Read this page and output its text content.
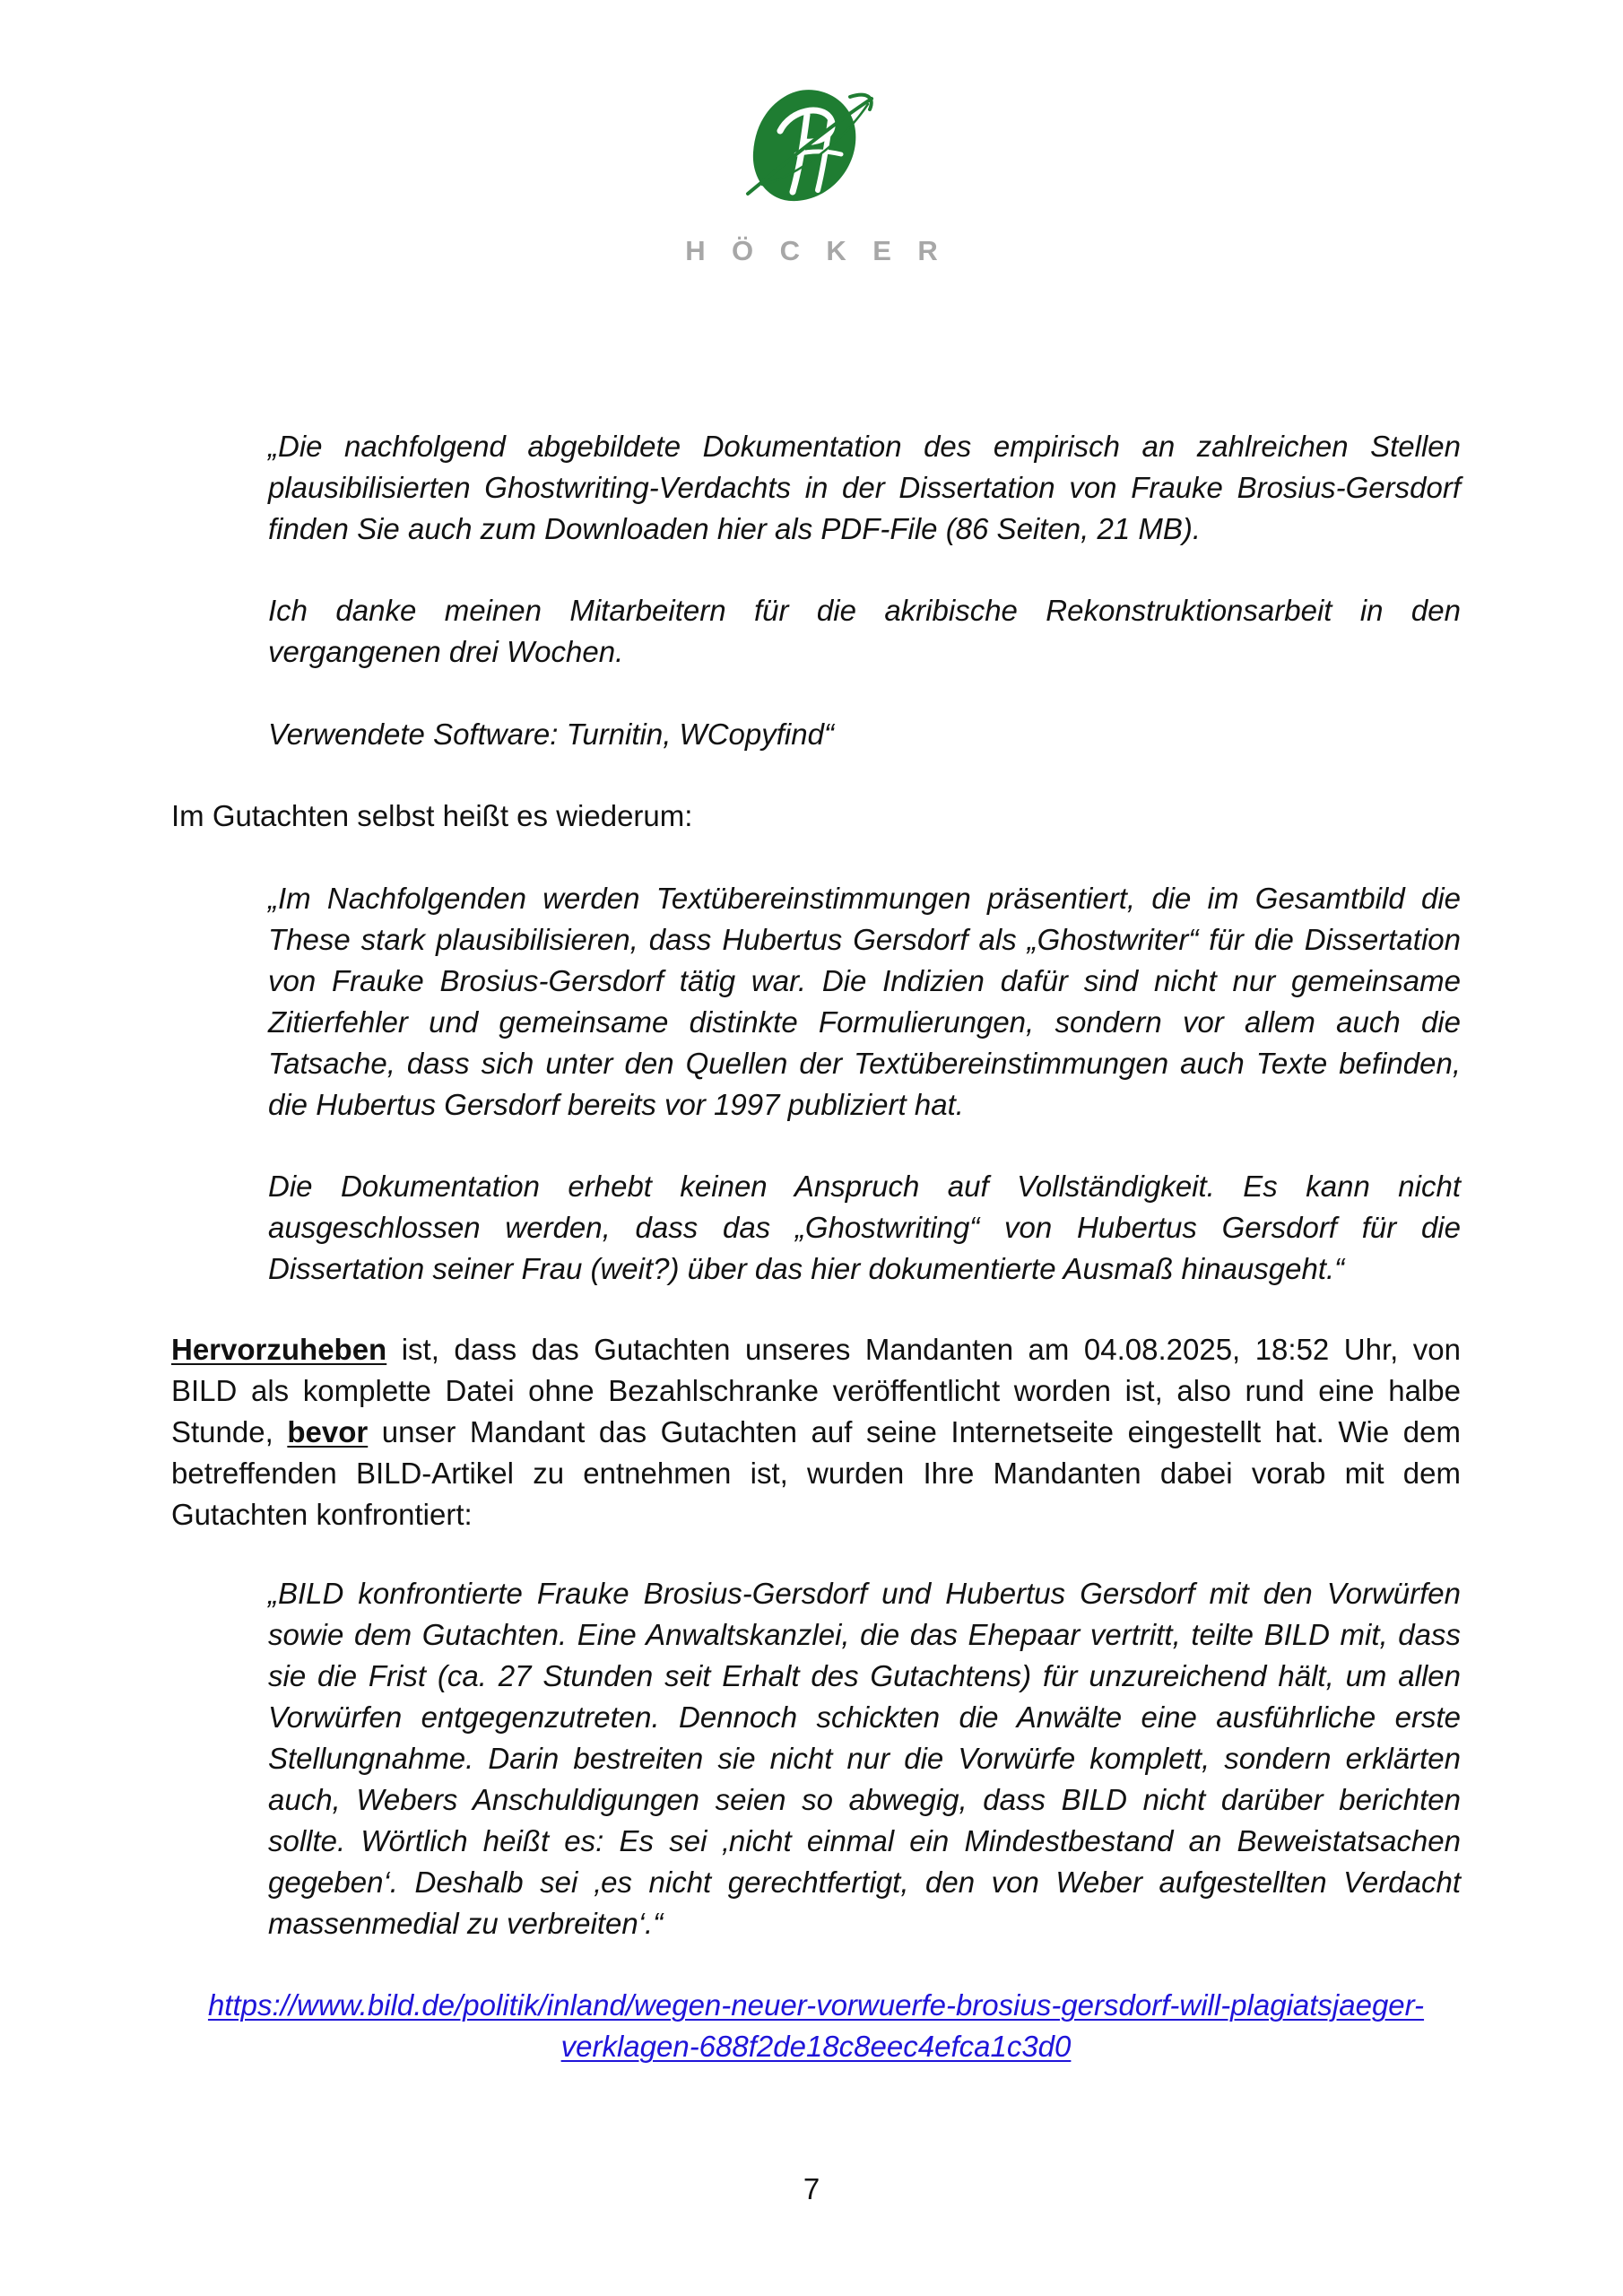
HÖCKER

„Die nachfolgend abgebildete Dokumentation des empirisch an zahlreichen Stellen plausibilisierten Ghostwriting-Verdachts in der Dissertation von Frauke Brosius-Gersdorf finden Sie auch zum Downloaden hier als PDF-File (86 Seiten, 21 MB).

Ich danke meinen Mitarbeitern für die akribische Rekonstruktionsarbeit in den vergangenen drei Wochen.

Verwendete Software: Turnitin, WCopyfind“

Im Gutachten selbst heißt es wiederum:

„Im Nachfolgenden werden Textübereinstimmungen präsentiert, die im Gesamtbild die These stark plausibilisieren, dass Hubertus Gersdorf als „Ghostwriter“ für die Dissertation von Frauke Brosius-Gersdorf tätig war. Die Indizien dafür sind nicht nur gemeinsame Zitierfehler und gemeinsame distinkte Formulierungen, sondern vor allem auch die Tatsache, dass sich unter den Quellen der Textübereinstimmungen auch Texte befinden, die Hubertus Gersdorf bereits vor 1997 publiziert hat.

Die Dokumentation erhebt keinen Anspruch auf Vollständigkeit. Es kann nicht ausgeschlossen werden, dass das „Ghostwriting“ von Hubertus Gersdorf für die Dissertation seiner Frau (weit?) über das hier dokumentierte Ausmaß hinausgeht.“

Hervorzuheben ist, dass das Gutachten unseres Mandanten am 04.08.2025, 18:52 Uhr, von BILD als komplette Datei ohne Bezahlschranke veröffentlicht worden ist, also rund eine halbe Stunde, bevor unser Mandant das Gutachten auf seine Internetseite eingestellt hat. Wie dem betreffenden BILD-Artikel zu entnehmen ist, wurden Ihre Mandanten dabei vorab mit dem Gutachten konfrontiert:

„BILD konfrontierte Frauke Brosius-Gersdorf und Hubertus Gersdorf mit den Vorwürfen sowie dem Gutachten. Eine Anwaltskanzlei, die das Ehepaar vertritt, teilte BILD mit, dass sie die Frist (ca. 27 Stunden seit Erhalt des Gutachtens) für unzureichend hält, um allen Vorwürfen entgegenzutreten. Dennoch schickten die Anwälte eine ausführliche erste Stellungnahme. Darin bestreiten sie nicht nur die Vorwürfe komplett, sondern erklärten auch, Webers Anschuldigungen seien so abwegig, dass BILD nicht darüber berichten sollte. Wörtlich heißt es: Es sei ‚nicht einmal ein Mindestbestand an Beweistatsachen gegeben‘. Deshalb sei ‚es nicht gerechtfertigt, den von Weber aufgestellten Verdacht massenmedial zu verbreiten‘.“

https://www.bild.de/politik/inland/wegen-neuer-vorwuerfe-brosius-gersdorf-will-plagiatsjaeger-
verklagen-688f2de18c8eec4efca1c3d0
7
